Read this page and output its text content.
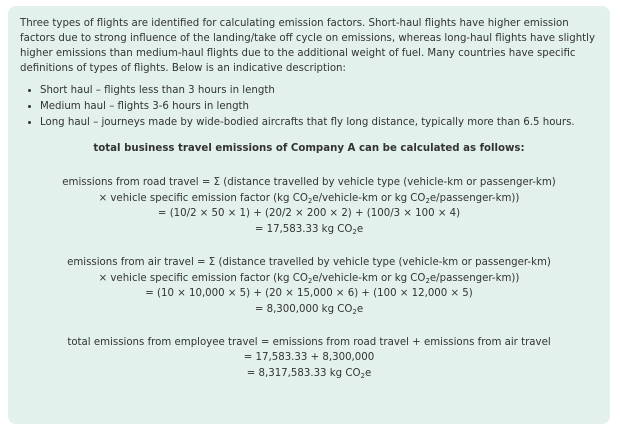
Three types of flights are identified for calculating emission factors. Short-haul flights have higher emission factors due to strong influence of the landing/take off cycle on emissions, whereas long-haul flights have slightly higher emissions than medium-haul flights due to the additional weight of fuel. Many countries have specific definitions of types of flights. Below is an indicative description:

• Short haul – flights less than 3 hours in length
• Medium haul – flights 3-6 hours in length
• Long haul – journeys made by wide-bodied aircrafts that fly long distance, typically more than 6.5 hours.
total business travel emissions of Company A can be calculated as follows:
emissions from road travel = Σ (distance travelled by vehicle type (vehicle-km or passenger-km)
× vehicle specific emission factor (kg $CO_2e/vehicle-km$ or kg $CO_2e/passenger-km$))
= (10/2 × 50 × 1) + (20/2 × 200 × 2) + (100/3 × 100 × 4)
= 17,583.33 kg $CO_2e$
emissions from air travel = Σ (distance travelled by vehicle type (vehicle-km or passenger-km)
× vehicle specific emission factor (kg $CO_2e/vehicle-km$ or kg $CO_2e/passenger-km$))
= (10 × 10,000 × 5) + (20 × 15,000 × 6) + (100 × 12,000 × 5)
= 8,300,000 kg $CO_2e$
total emissions from employee travel = emissions from road travel + emissions from air travel
= 17,583.33 + 8,300,000
= 8,317,583.33 kg $CO_2e$
